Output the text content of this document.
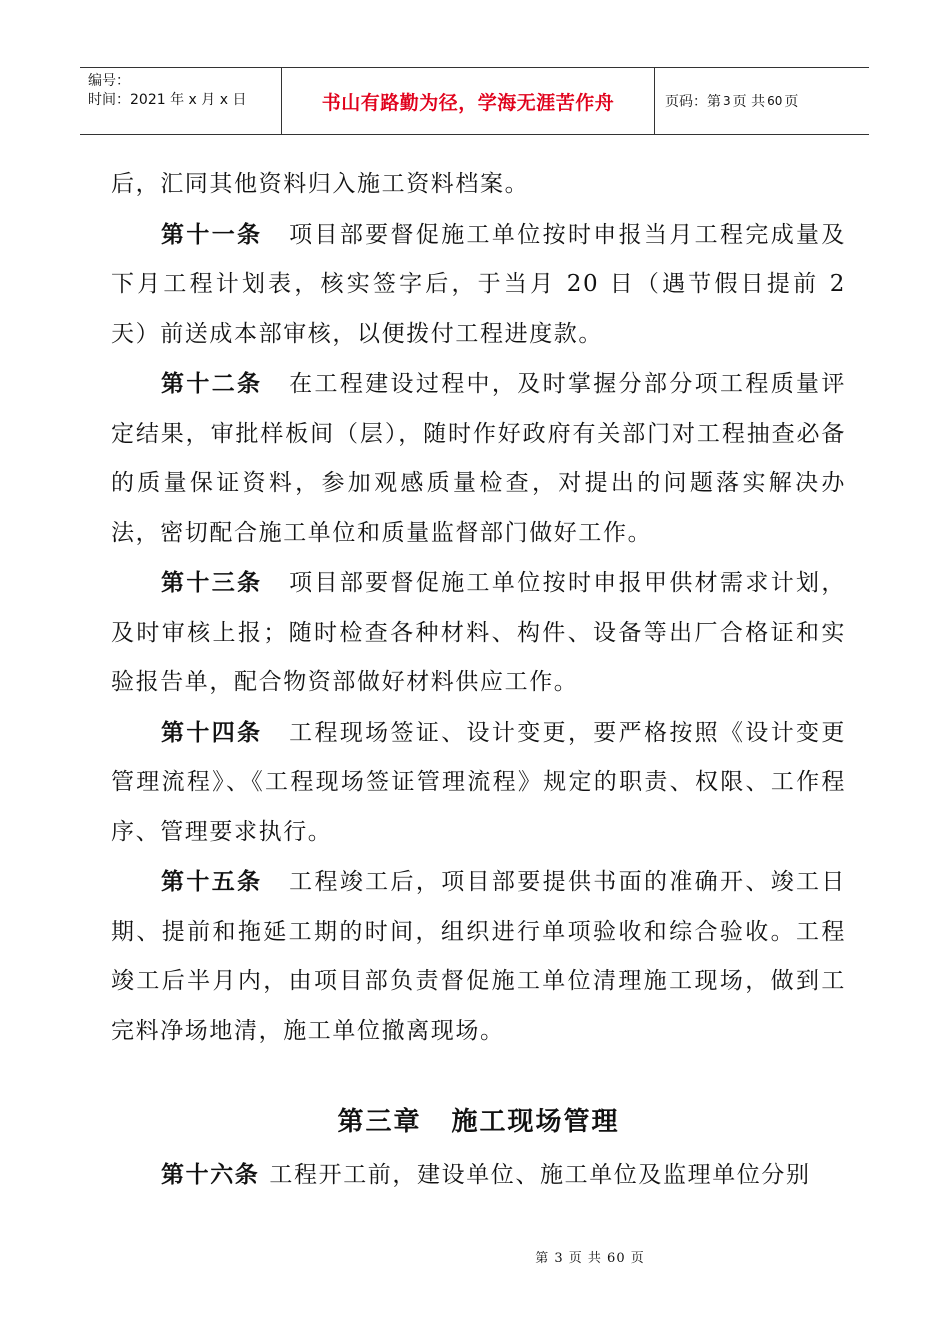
编号：
时间：2021 年 x 月 x 日	书山有路勤为径，学海无涯苦作舟	页码：第 3 页 共 60 页

后，汇同其他资料归入施工资料档案。

第十一条 项目部要督促施工单位按时申报当月工程完成量及下月工程计划表，核实签字后，于当月 20 日（遇节假日提前 2 天）前送成本部审核，以便拨付工程进度款。

第十二条 在工程建设过程中，及时掌握分部分项工程质量评定结果，审批样板间（层），随时作好政府有关部门对工程抽查必备的质量保证资料，参加观感质量检查，对提出的问题落实解决办法，密切配合施工单位和质量监督部门做好工作。

第十三条 项目部要督促施工单位按时申报甲供材需求计划，及时审核上报；随时检查各种材料、构件、设备等出厂合格证和实验报告单，配合物资部做好材料供应工作。

第十四条 工程现场签证、设计变更，要严格按照《设计变更管理流程》、《工程现场签证管理流程》规定的职责、权限、工作程序、管理要求执行。

第十五条 工程竣工后，项目部要提供书面的准确开、竣工日期、提前和拖延工期的时间，组织进行单项验收和综合验收。工程竣工后半月内，由项目部负责督促施工单位清理施工现场，做到工完料净场地清，施工单位撤离现场。

第三章 施工现场管理

第十六条 工程开工前，建设单位、施工单位及监理单位分别

第 3 页 共 60 页
